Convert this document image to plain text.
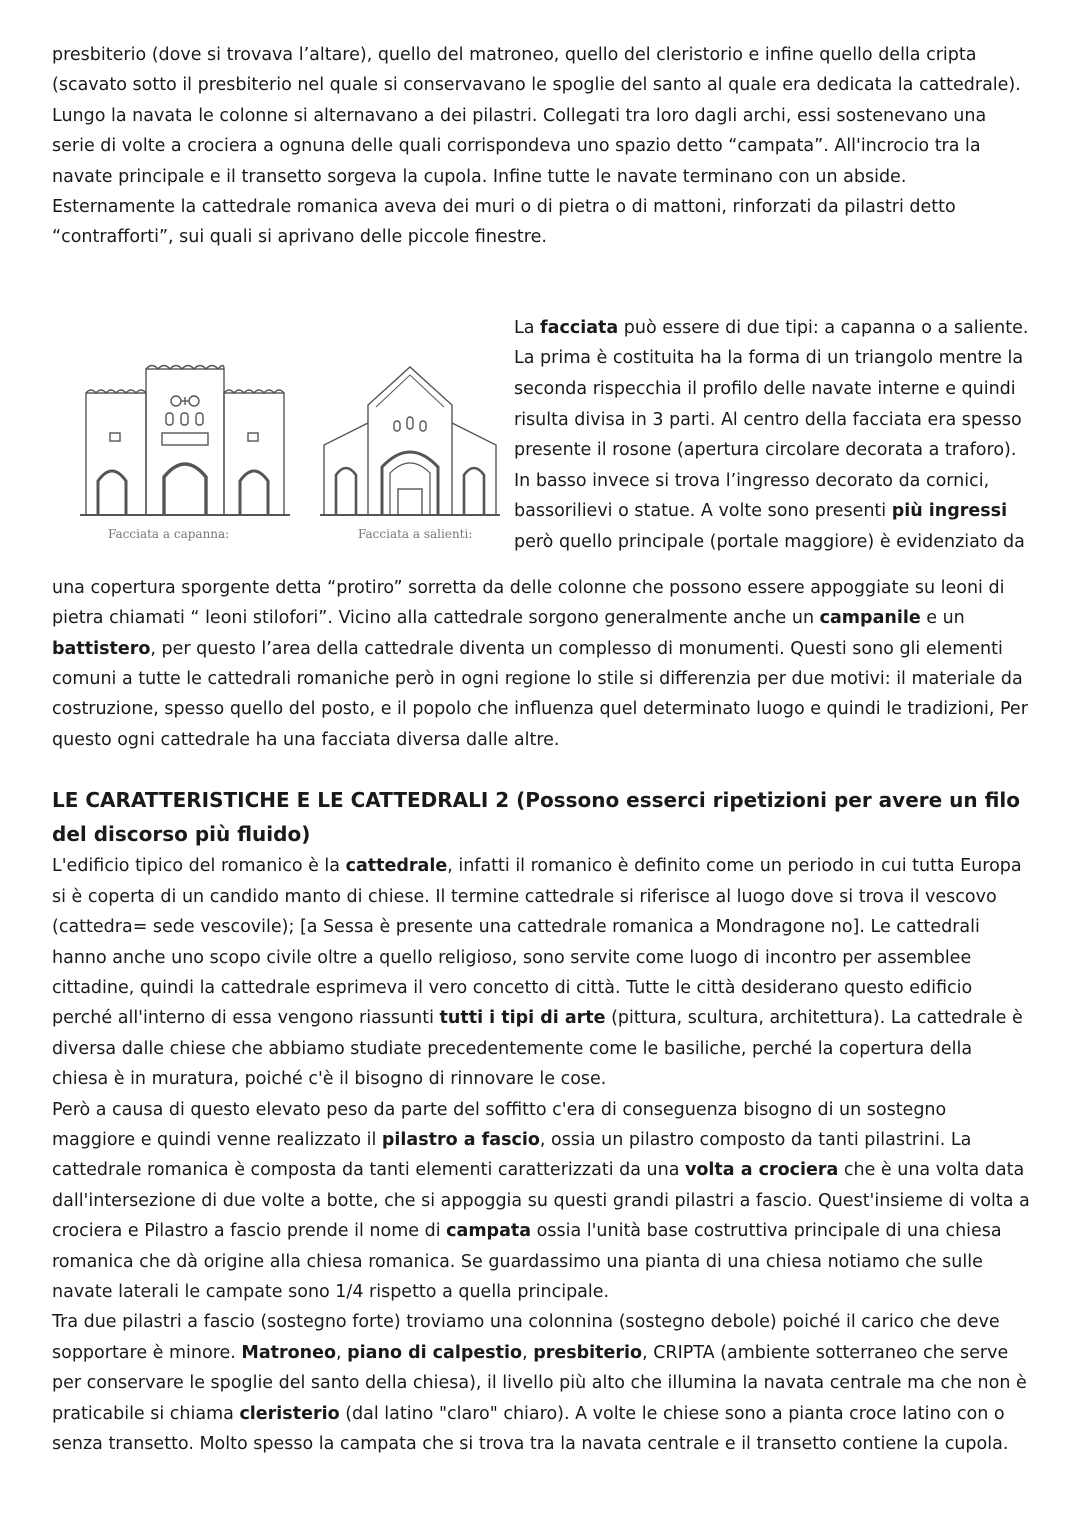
presbiterio (dove si trovava l’altare), quello del matroneo, quello del cleristorio e infine quello della cripta (scavato sotto il presbiterio nel quale si conservavano le spoglie del santo al quale era dedicata la cattedrale). Lungo la navata le colonne si alternavano a dei pilastri. Collegati tra loro dagli archi, essi sostenevano una serie di volte a crociera a ognuna delle quali corrispondeva uno spazio detto “campata”. All'incrocio tra la navate principale e il transetto sorgeva la cupola. Infine tutte le navate terminano con un abside. Esternamente la cattedrale romanica aveva dei muri o di pietra o di mattoni, rinforzati da pilastri detto “contrafforti”, sui quali si aprivano delle piccole finestre.

Facciata a capanna:	Facciata a salienti:

La facciata può essere di due tipi: a capanna o a saliente. La prima è costituita ha la forma di un triangolo mentre la seconda rispecchia il profilo delle navate interne e quindi risulta divisa in 3 parti. Al centro della facciata era spesso presente il rosone (apertura circolare decorata a traforo). In basso invece si trova l’ingresso decorato da cornici, bassorilievi o statue. A volte sono presenti più ingressi però quello principale (portale maggiore) è evidenziato da

una copertura sporgente detta “protiro” sorretta da delle colonne che possono essere appoggiate su leoni di pietra chiamati “ leoni stilofori”. Vicino alla cattedrale sorgono generalmente anche un campanile e un battistero, per questo l’area della cattedrale diventa un complesso di monumenti. Questi sono gli elementi comuni a tutte le cattedrali romaniche però in ogni regione lo stile si differenzia per due motivi: il materiale da costruzione, spesso quello del posto, e il popolo che influenza quel determinato luogo e quindi le tradizioni, Per questo ogni cattedrale ha una facciata diversa dalle altre.

LE CARATTERISTICHE E LE CATTEDRALI 2 (Possono esserci ripetizioni per avere un filo del discorso più fluido)

L'edificio tipico del romanico è la cattedrale, infatti il romanico è definito come un periodo in cui tutta Europa si è coperta di un candido manto di chiese. Il termine cattedrale si riferisce al luogo dove si trova il vescovo (cattedra= sede vescovile); [a Sessa è presente una cattedrale romanica a Mondragone no]. Le cattedrali hanno anche uno scopo civile oltre a quello religioso, sono servite come luogo di incontro per assemblee cittadine, quindi la cattedrale esprimeva il vero concetto di città. Tutte le città desiderano questo edificio perché all'interno di essa vengono riassunti tutti i tipi di arte (pittura, scultura, architettura). La cattedrale è diversa dalle chiese che abbiamo studiate precedentemente come le basiliche, perché la copertura della chiesa è in muratura, poiché c'è il bisogno di rinnovare le cose.

Però a causa di questo elevato peso da parte del soffitto c'era di conseguenza bisogno di un sostegno maggiore e quindi venne realizzato il pilastro a fascio, ossia un pilastro composto da tanti pilastrini. La cattedrale romanica è composta da tanti elementi caratterizzati da una volta a crociera che è una volta data dall'intersezione di due volte a botte, che si appoggia su questi grandi pilastri a fascio. Quest'insieme di volta a crociera e Pilastro a fascio prende il nome di campata ossia l'unità base costruttiva principale di una chiesa romanica che dà origine alla chiesa romanica. Se guardassimo una pianta di una chiesa notiamo che sulle navate laterali le campate sono 1/4 rispetto a quella principale.

Tra due pilastri a fascio (sostegno forte) troviamo una colonnina (sostegno debole) poiché il carico che deve sopportare è minore. Matroneo, piano di calpestio, presbiterio, CRIPTA (ambiente sotterraneo che serve per conservare le spoglie del santo della chiesa), il livello più alto che illumina la navata centrale ma che non è praticabile si chiama cleristerio (dal latino "claro" chiaro). A volte le chiese sono a pianta croce latino con o senza transetto. Molto spesso la campata che si trova tra la navata centrale e il transetto contiene la cupola.
